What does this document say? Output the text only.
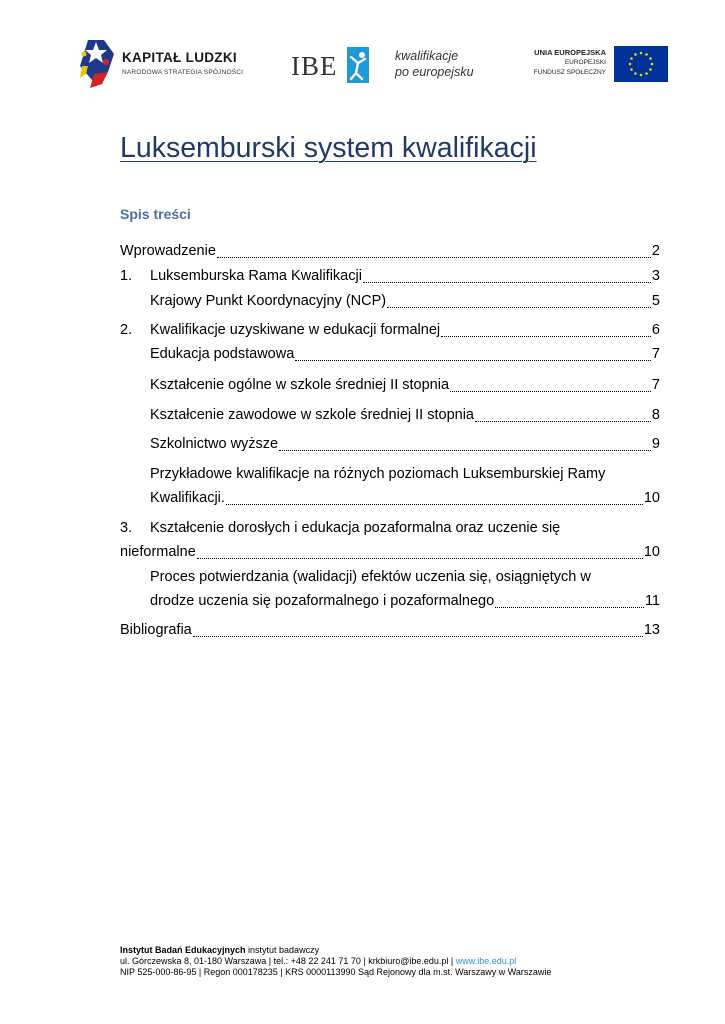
KAPITAŁ LUDZKI
NARODOWA STRATEGIA SPÓJNOŚCI IBE	kwalifikacje
po europejsku
UNIA EUROPEJSKA
EUROPEJSKI
FUNDUSZ SPOŁECZNY
Luksemburski system kwalifikacji
Spis treści
Wprowadzenie	2
1.	Luksemburska Rama Kwalifikacji	3
Krajowy Punkt Koordynacyjny (NCP)	5
2.	Kwalifikacje uzyskiwane w edukacji formalnej	6
Edukacja podstawowa	7
Kształcenie ogólne w szkole średniej II stopnia	7
Kształcenie zawodowe w szkole średniej II stopnia	8
Szkolnictwo wyższe	9
Przykładowe kwalifikacje na różnych poziomach Luksemburskiej Ramy
Kwalifikacji.	10
3. Kształcenie dorosłych i edukacja pozaformalna oraz uczenie się
nieformalne	10
Proces potwierdzania (walidacji) efektów uczenia się, osiągniętych w
drodze uczenia się pozaformalnego i pozaformalnego	11
Bibliografia	13
Instytut Badań Edukacyjnych instytut badawczy
ul. Górczewska 8, 01-180 Warszawa | tel.: +48 22 241 71 70 | krkbiuro@ibe.edu.pl | www.ibe.edu.pl
NIP 525-000-86-95 | Regon 000178235 | KRS 0000113990 Sąd Rejonowy dla m.st. Warszawy w Warszawie
